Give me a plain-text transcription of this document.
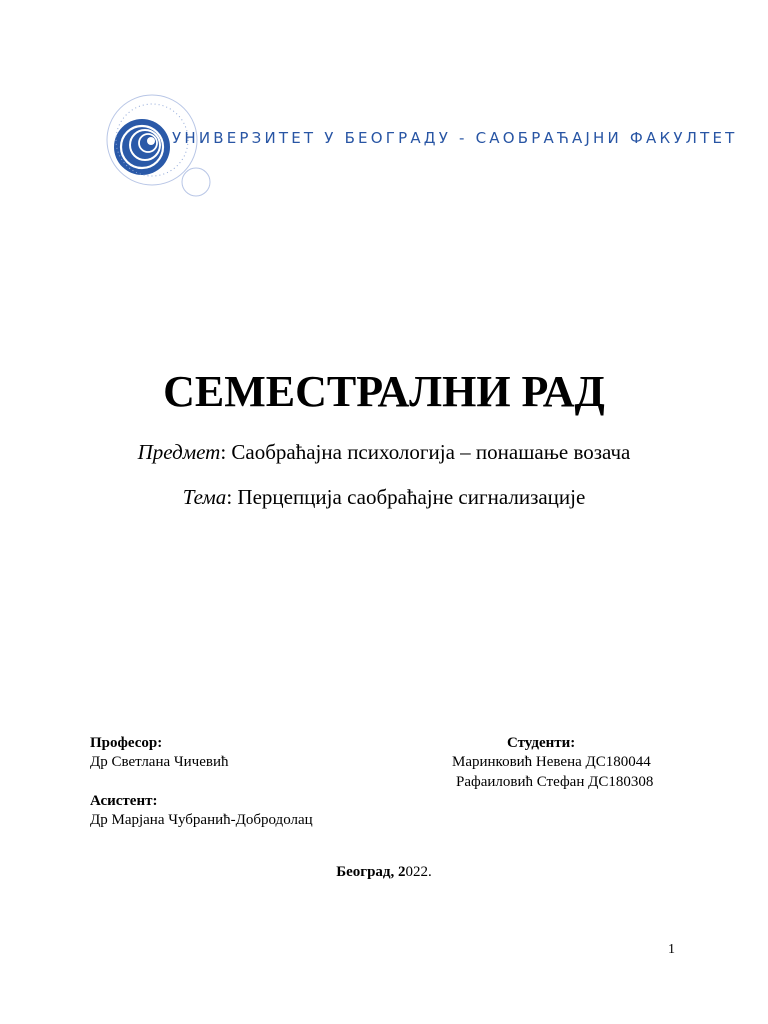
УНИВЕРЗИТЕТ У БЕОГРАДУ - САОБРАЋАЈНИ ФАКУЛТЕТ
СЕМЕСТРАЛНИ РАД
Предмет: Саобраћајна психологија – понашање возача
Тема: Перцепција саобраћајне сигнализације
Професор:
Др Светлана Чичевић
Асистент:
Др Марјана Чубранић-Добродолац
Студенти:
Маринковић Невена ДС180044
Рафаиловић Стефан ДС180308
Београд, 2022.
1
